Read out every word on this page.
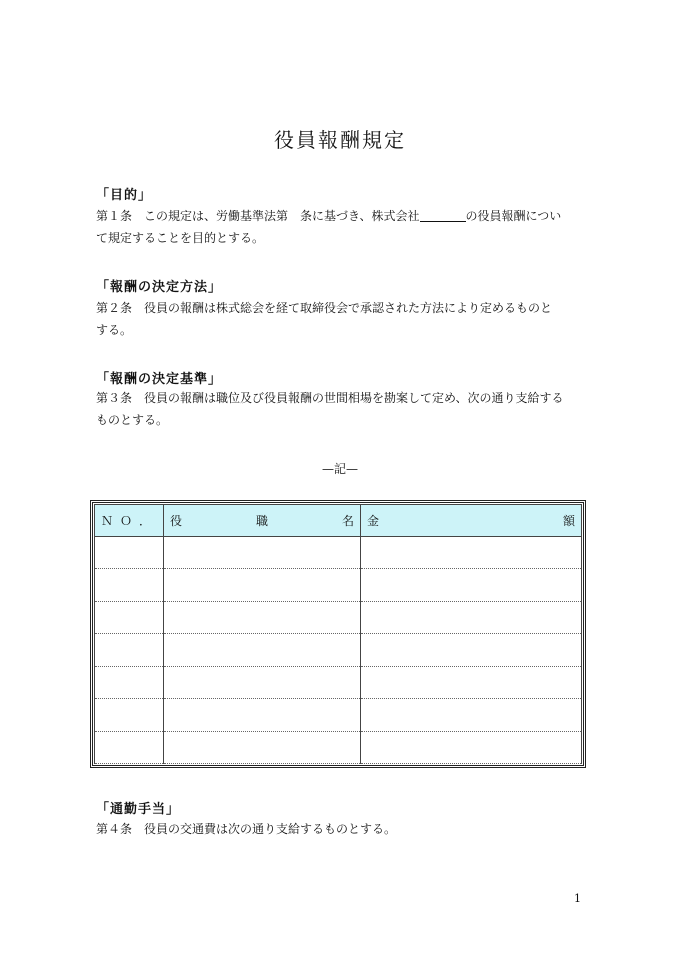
役員報酬規定
「目的」
第１条　この規定は、労働基準法第　条に基づき、株式会社	の役員報酬につい
て規定することを目的とする。
「報酬の決定方法」
第２条　役員の報酬は株式総会を経て取締役会で承認された方法により定めるものと
する。
「報酬の決定基準」
第３条　役員の報酬は職位及び役員報酬の世間相場を勘案して定め、次の通り支給する
ものとする。
—記—
Ｎ Ｏ ．	役 職 名	金 額

「通勤手当」
第４条　役員の交通費は次の通り支給するものとする。
1
